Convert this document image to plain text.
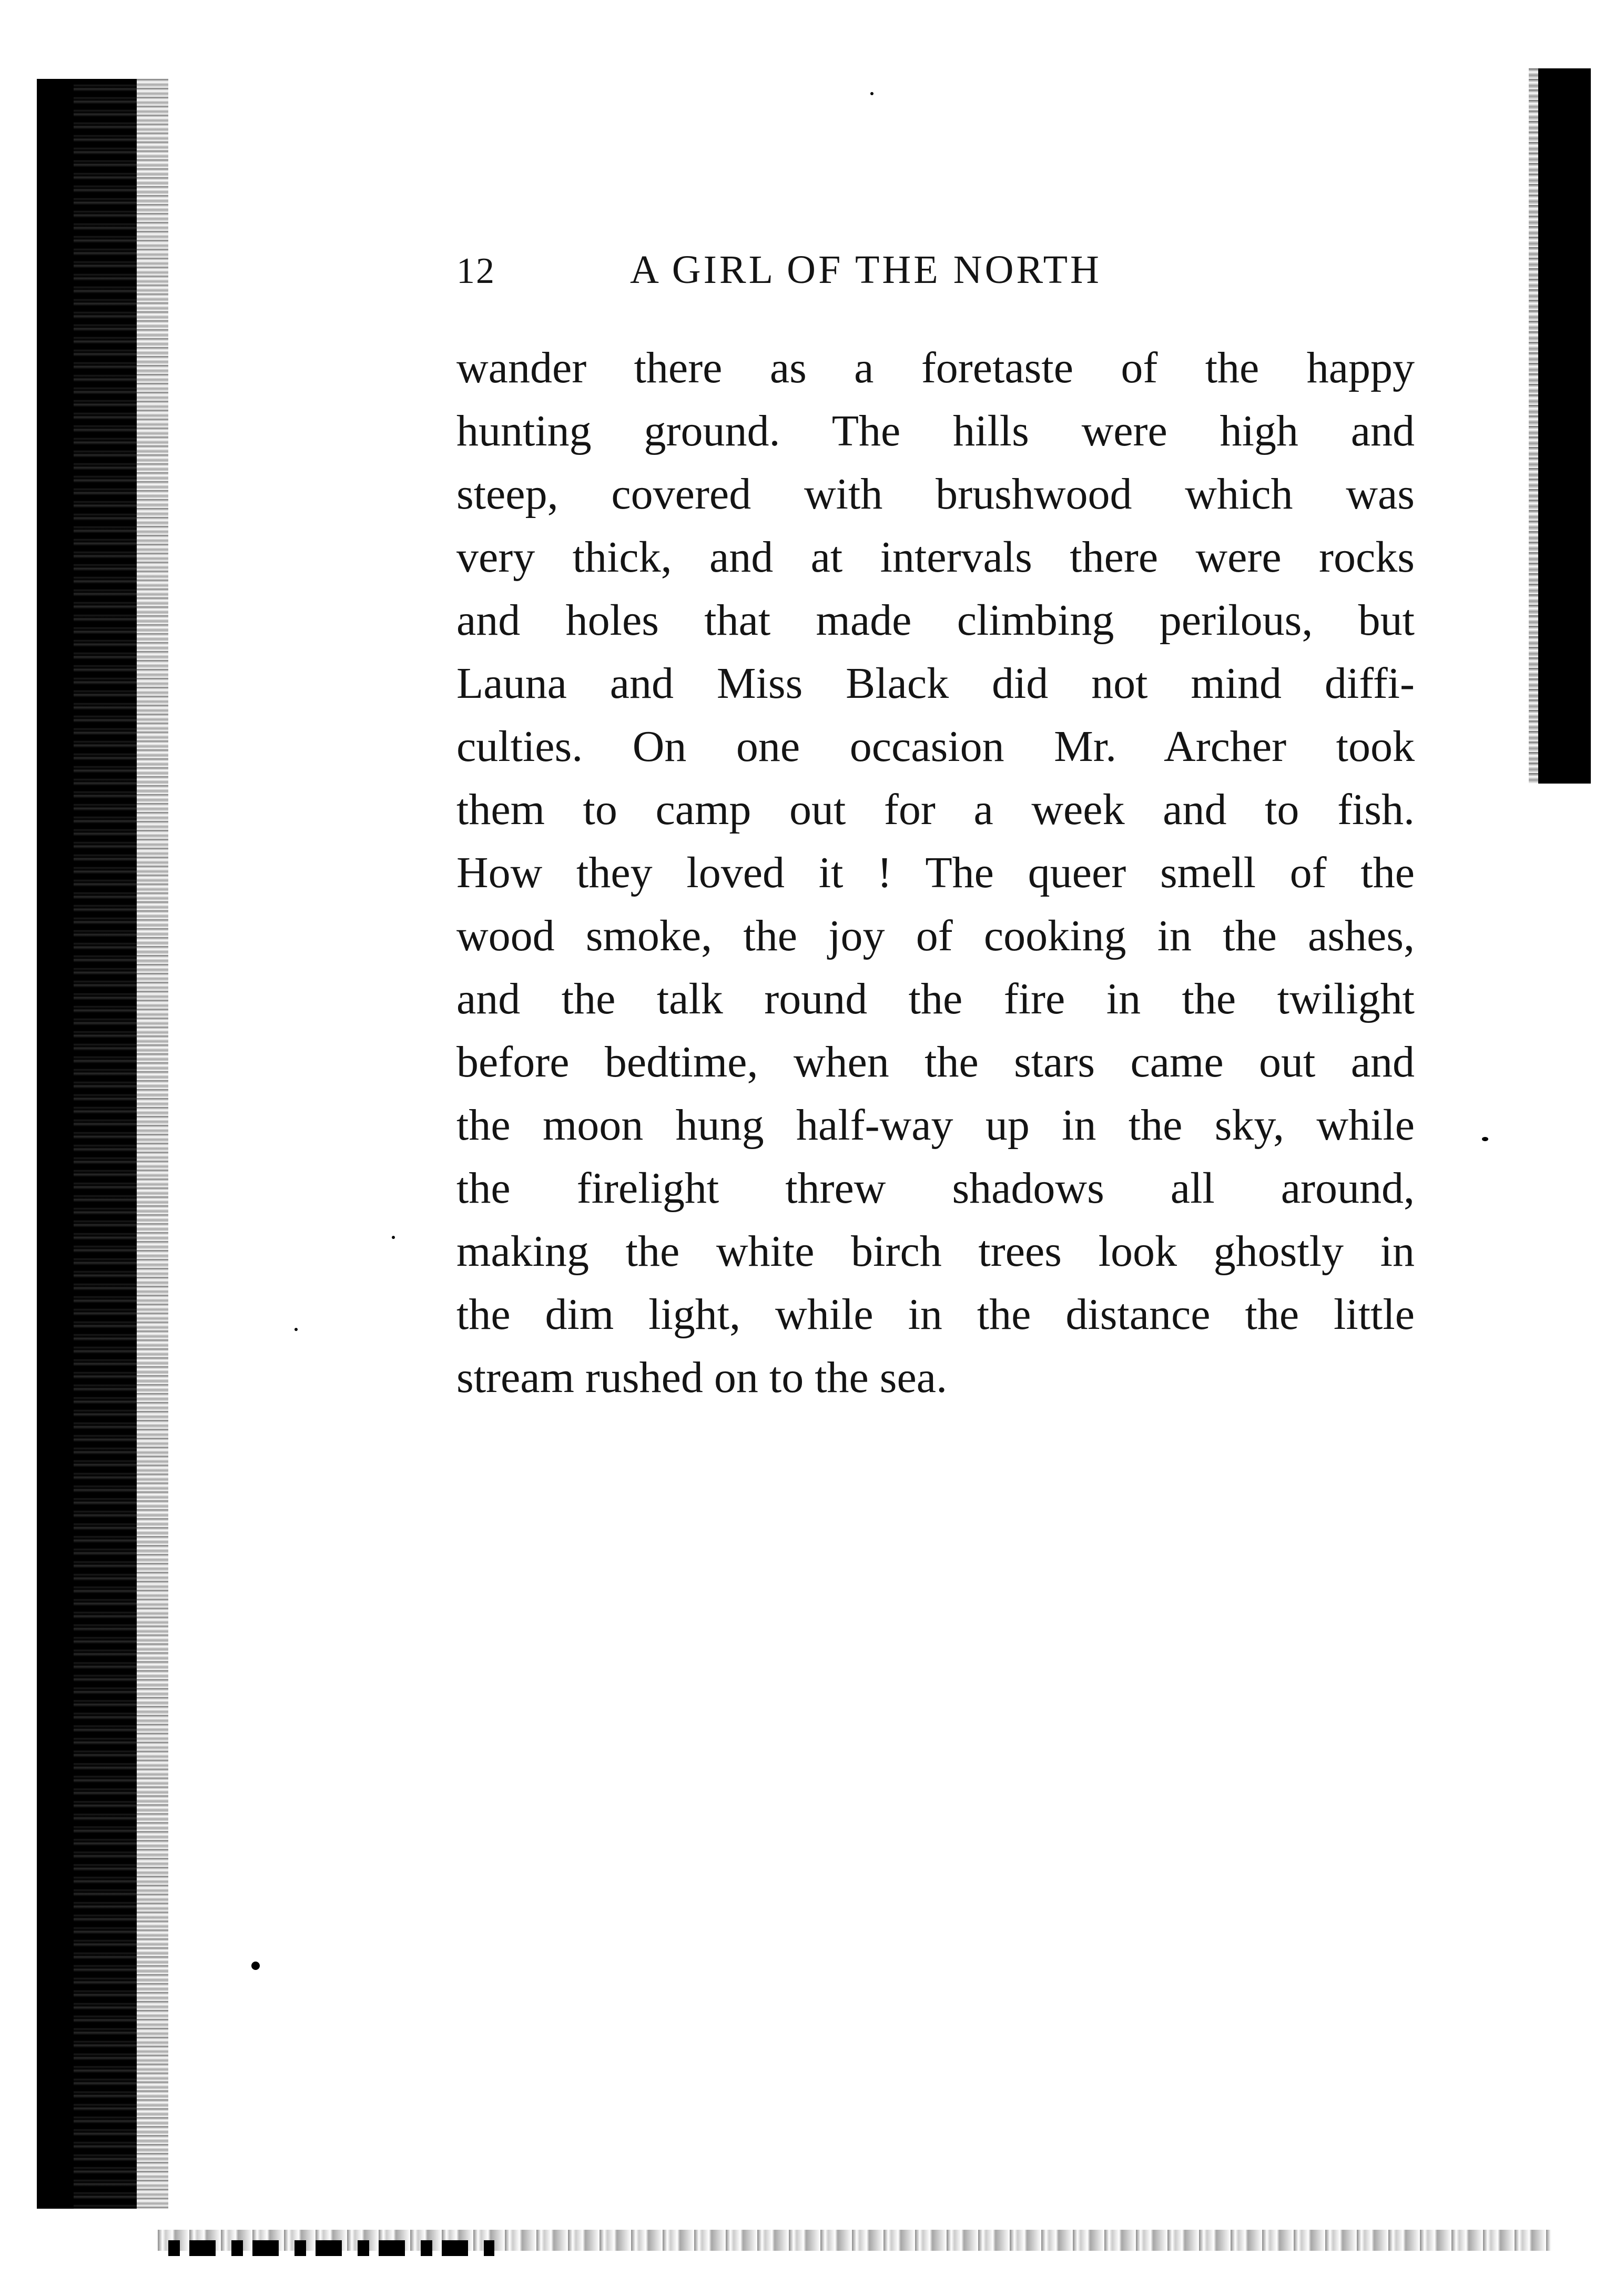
12	A GIRL OF THE NORTH
wander there as a foretaste of the happy
hunting ground. The hills were high and
steep, covered with brushwood which was
very thick, and at intervals there were rocks
and holes that made climbing perilous, but
Launa and Miss Black did not mind diffi-
culties. On one occasion Mr. Archer took
them to camp out for a week and to fish.
How they loved it ! The queer smell of the
wood smoke, the joy of cooking in the ashes,
and the talk round the fire in the twilight
before bedtime, when the stars came out and
the moon hung half-way up in the sky, while
the firelight threw shadows all around,
making the white birch trees look ghostly in
the dim light, while in the distance the little
stream rushed on to the sea.
